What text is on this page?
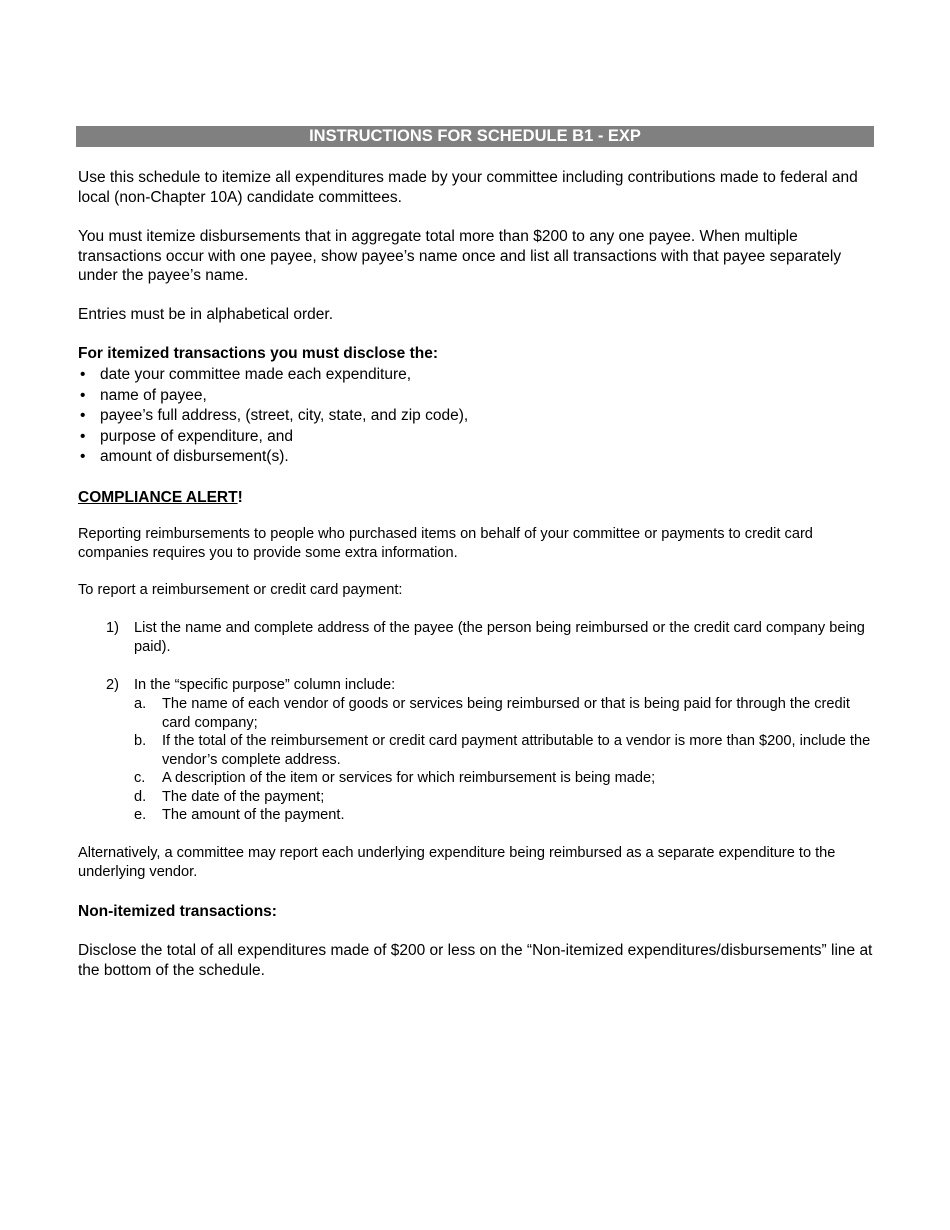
INSTRUCTIONS FOR SCHEDULE B1 - EXP

Use this schedule to itemize all expenditures made by your committee including contributions made to federal and local (non-Chapter 10A) candidate committees.

You must itemize disbursements that in aggregate total more than $200 to any one payee. When multiple transactions occur with one payee, show payee’s name once and list all transactions with that payee separately under the payee’s name.

Entries must be in alphabetical order.

For itemized transactions you must disclose the:

• date your committee made each expenditure,
• name of payee,
• payee’s full address, (street, city, state, and zip code),
• purpose of expenditure, and
• amount of disbursement(s).

COMPLIANCE ALERT!

Reporting reimbursements to people who purchased items on behalf of your committee or payments to credit card companies requires you to provide some extra information.

To report a reimbursement or credit card payment:

1) List the name and complete address of the payee (the person being reimbursed or the credit card company being paid).
2) In the “specific purpose” column include:
a. The name of each vendor of goods or services being reimbursed or that is being paid for through the credit card company;
b. If the total of the reimbursement or credit card payment attributable to a vendor is more than $200, include the vendor’s complete address.
c. A description of the item or services for which reimbursement is being made;
d. The date of the payment;
e. The amount of the payment.

Alternatively, a committee may report each underlying expenditure being reimbursed as a separate expenditure to the underlying vendor.

Non-itemized transactions:

Disclose the total of all expenditures made of $200 or less on the “Non-itemized expenditures/disbursements” line at the bottom of the schedule.
